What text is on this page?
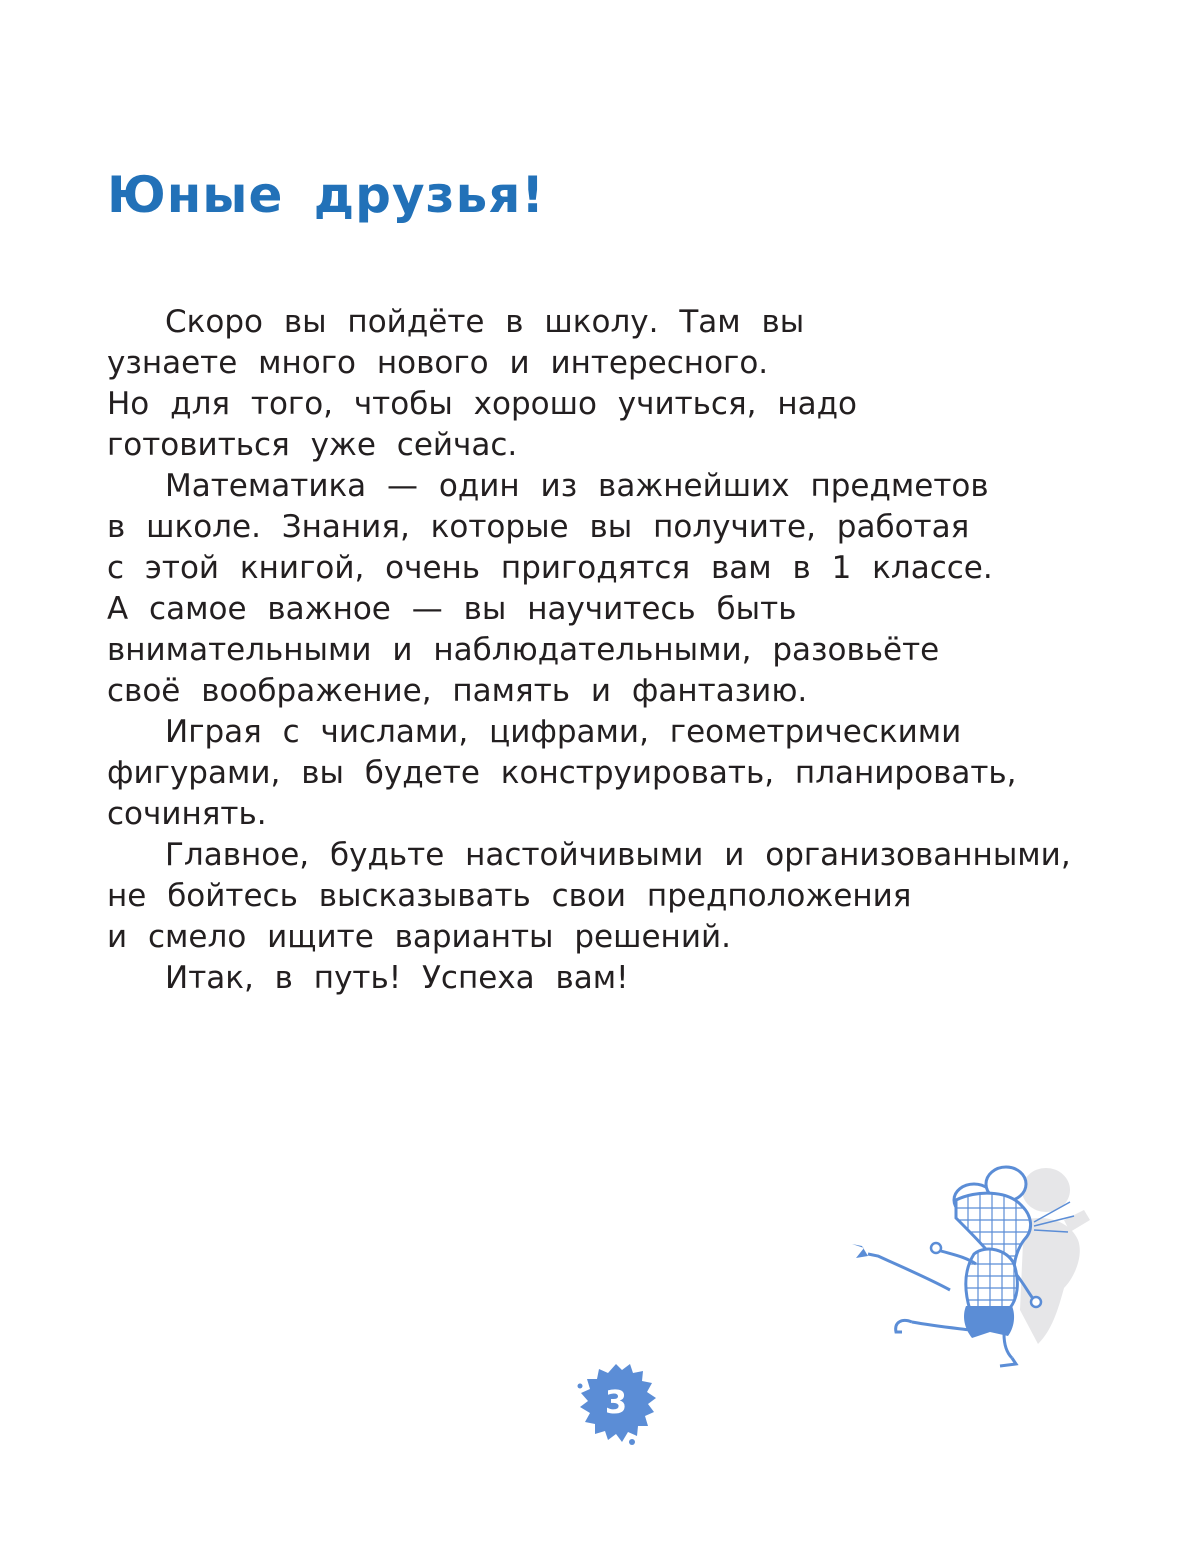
Юные друзья!
Скоро вы пойдёте в школу. Там вы
узнаете много нового и интересного.
Но для того, чтобы хорошо учиться, надо
готовиться уже сейчас.
Математика — один из важнейших предметов
в школе. Знания, которые вы получите, работая
с этой книгой, очень пригодятся вам в 1 классе.
А самое важное — вы научитесь быть
внимательными и наблюдательными, разовьёте
своё воображение, память и фантазию.
Играя с числами, цифрами, геометрическими
фигурами, вы будете конструировать, планировать,
сочинять.
Главное, будьте настойчивыми и организованными,
не бойтесь высказывать свои предположения
и смело ищите варианты решений.
Итак, в путь! Успеха вам!
3
